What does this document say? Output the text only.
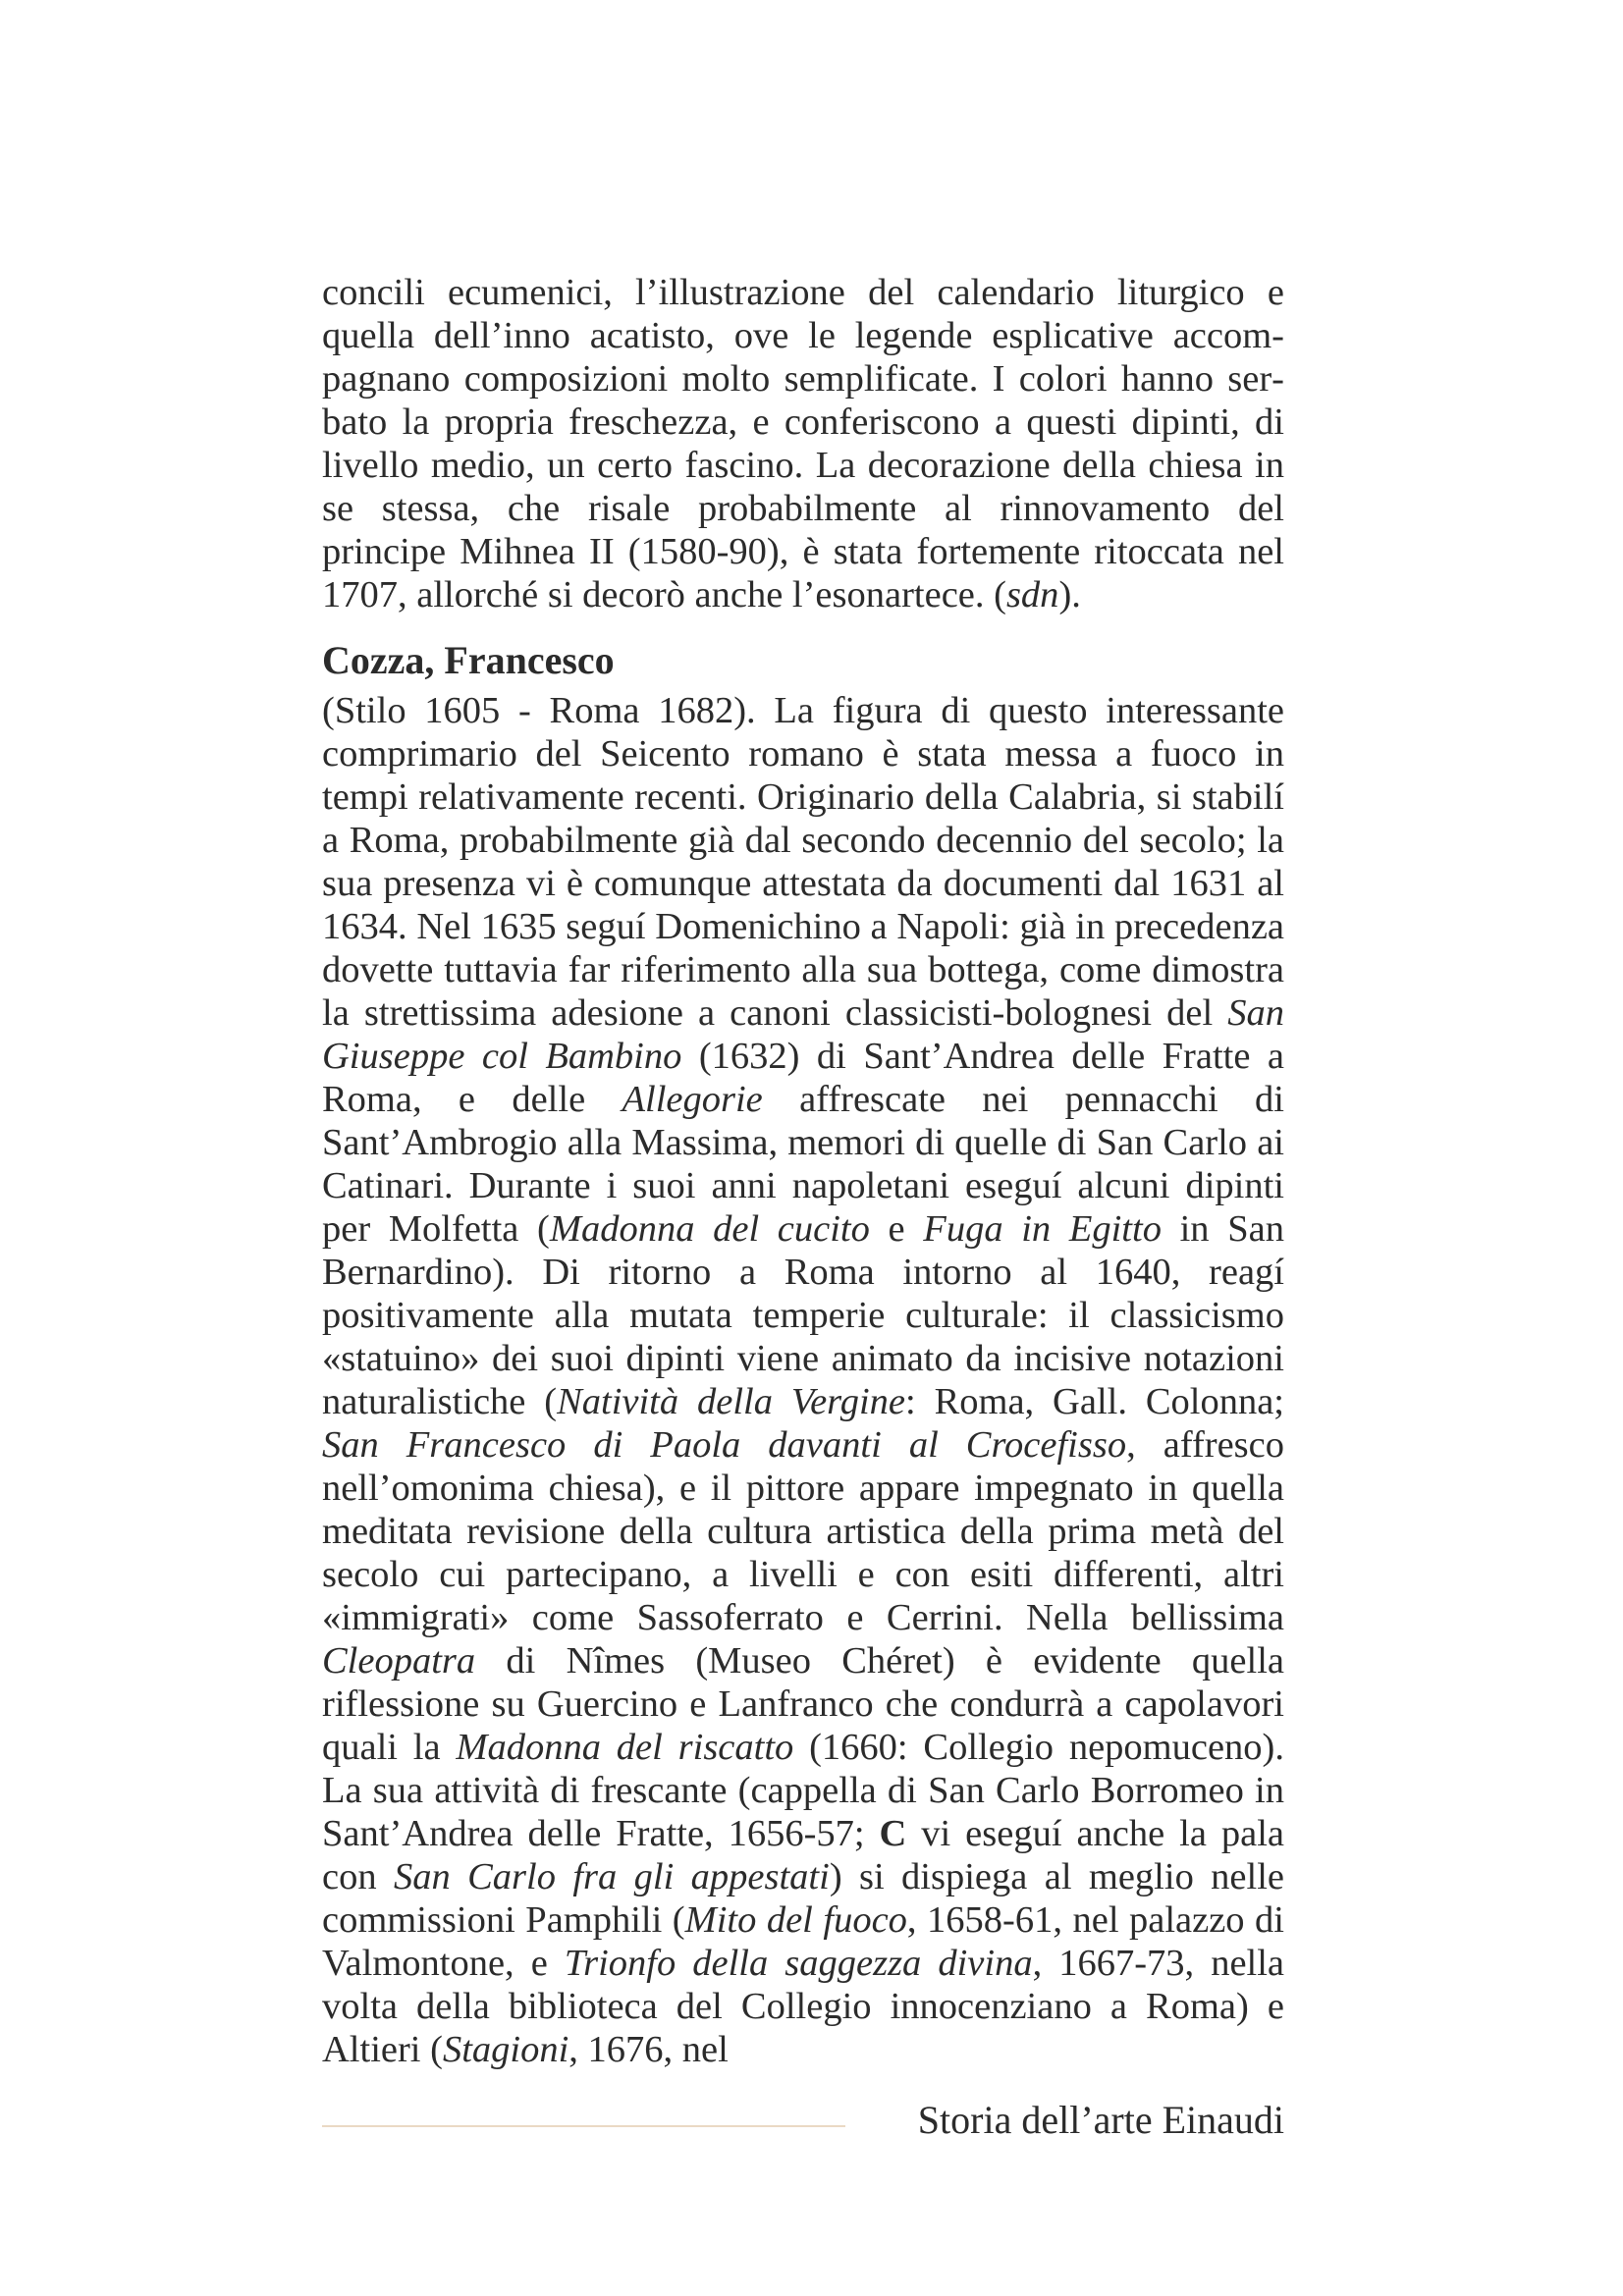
concili ecumenici, l’illustrazione del calendario liturgico e quella dell’inno acatisto, ove le legende esplicative accompagnano composizioni molto semplificate. I colori hanno serbato la propria freschezza, e conferiscono a questi dipinti, di livello medio, un certo fascino. La decorazione della chiesa in se stessa, che risale probabilmente al rinnovamento del principe Mihnea II (1580-90), è stata fortemente ritoccata nel 1707, allorché si decorò anche l’esonartece. (sdn).

Cozza, Francesco

(Stilo 1605 - Roma 1682). La figura di questo interessante comprimario del Seicento romano è stata messa a fuoco in tempi relativamente recenti. Originario della Calabria, si stabilí a Roma, probabilmente già dal secondo decennio del secolo; la sua presenza vi è comunque attestata da documenti dal 1631 al 1634. Nel 1635 seguí Domenichino a Napoli: già in precedenza dovette tuttavia far riferimento alla sua bottega, come dimostra la strettissima adesione a canoni classicisti-bolognesi del San Giuseppe col Bambino (1632) di Sant’Andrea delle Fratte a Roma, e delle Allegorie affrescate nei pennacchi di Sant’Ambrogio alla Massima, memori di quelle di San Carlo ai Catinari. Durante i suoi anni napoletani eseguí alcuni dipinti per Molfetta (Madonna del cucito e Fuga in Egitto in San Bernardino). Di ritorno a Roma intorno al 1640, reagí positivamente alla mutata temperie culturale: il classicismo «statuino» dei suoi dipinti viene animato da incisive notazioni naturalistiche (Natività della Vergine: Roma, Gall. Colonna; San Francesco di Paola davanti al Crocefisso, affresco nell’omonima chiesa), e il pittore appare impegnato in quella meditata revisione della cultura artistica della prima metà del secolo cui partecipano, a livelli e con esiti differenti, altri «immigrati» come Sassoferrato e Cerrini. Nella bellissima Cleopatra di Nîmes (Museo Chéret) è evidente quella riflessione su Guercino e Lanfranco che condurrà a capolavori quali la Madonna del riscatto (1660: Collegio nepomuceno). La sua attività di frescante (cappella di San Carlo Borromeo in Sant’Andrea delle Fratte, 1656-57; C vi eseguí anche la pala con San Carlo fra gli appestati) si dispiega al meglio nelle commissioni Pamphili (Mito del fuoco, 1658-61, nel palazzo di Valmontone, e Trionfo della saggezza divina, 1667-73, nella volta della biblioteca del Collegio innocenziano a Roma) e Altieri (Stagioni, 1676, nel

Storia dell’arte Einaudi
